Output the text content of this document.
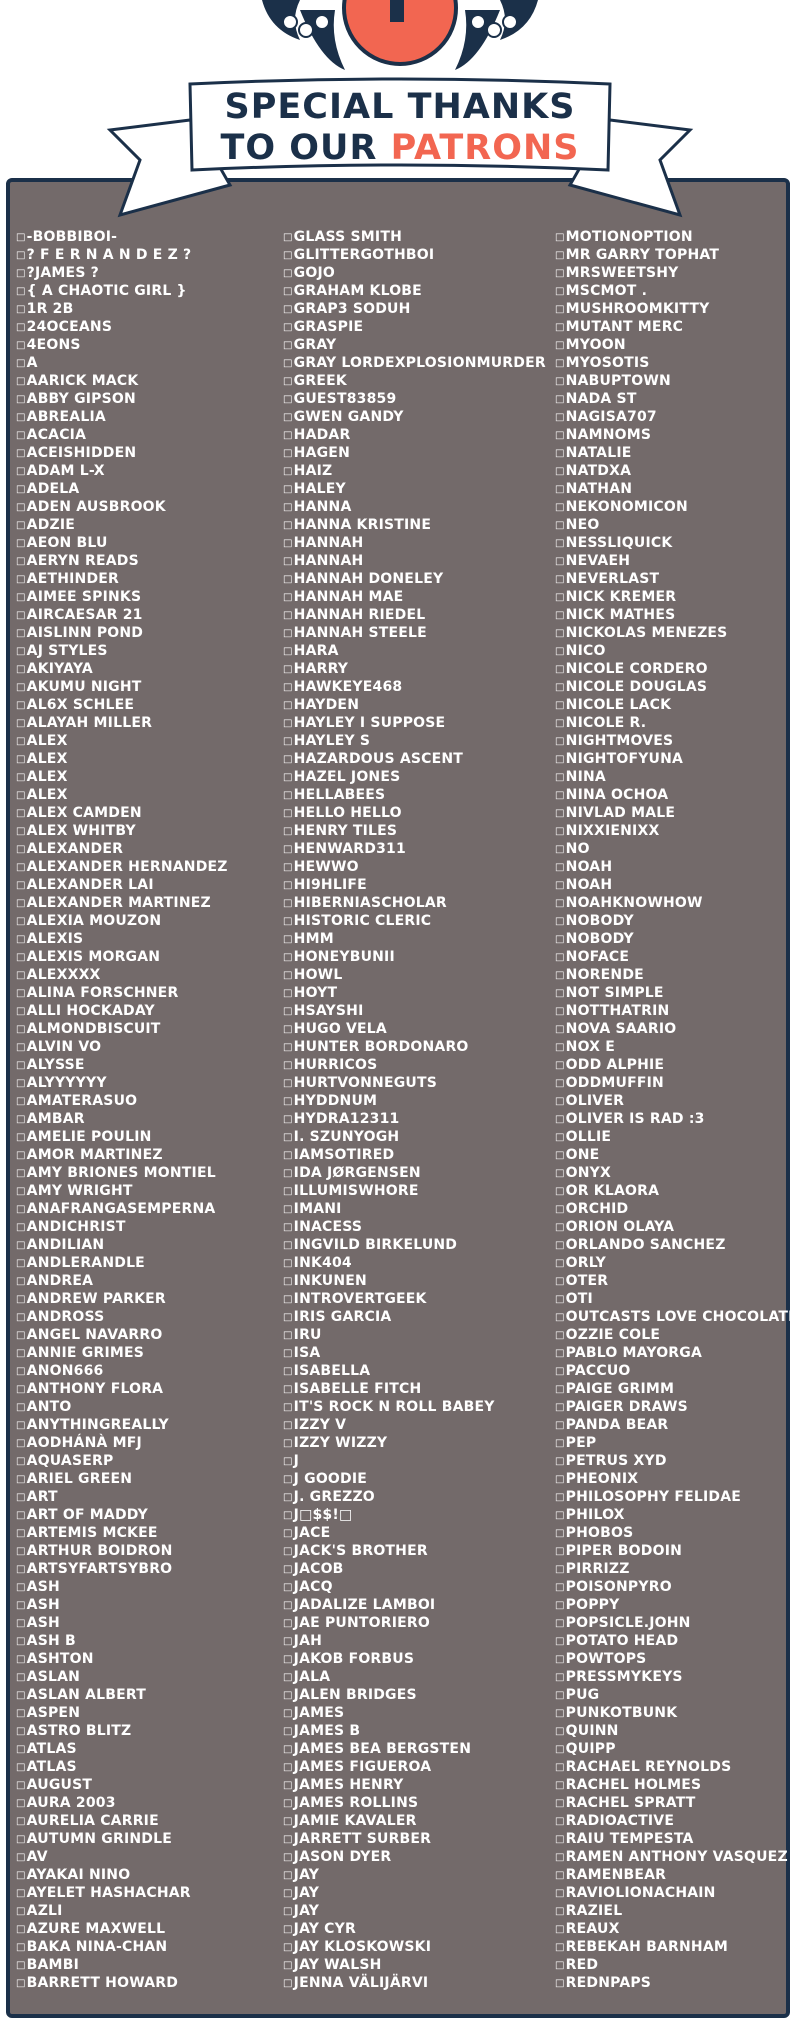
SPECIAL THANKS
TO OUR PATRONS
□ -BOBBIBOI-
□ ? F E R N A N D E Z ?
□ ?JAMES ?
□ { A CHAOTIC GIRL }
□ 1R 2B
□ 24OCEANS
□ 4EONS
□ A
□ AARICK MACK
□ ABBY GIPSON
□ ABREALIA
□ ACACIA
□ ACEISHIDDEN
□ ADAM L-X
□ ADELA
□ ADEN AUSBROOK
□ ADZIE
□ AEON BLU
□ AERYN READS
□ AETHINDER
□ AIMEE SPINKS
□ AIRCAESAR 21
□ AISLINN POND
□ AJ STYLES
□ AKIYAYA
□ AKUMU NIGHT
□ AL6X SCHLEE
□ ALAYAH MILLER
□ ALEX
□ ALEX
□ ALEX
□ ALEX
□ ALEX CAMDEN
□ ALEX WHITBY
□ ALEXANDER
□ ALEXANDER HERNANDEZ
□ ALEXANDER LAI
□ ALEXANDER MARTINEZ
□ ALEXIA MOUZON
□ ALEXIS
□ ALEXIS MORGAN
□ ALEXXXX
□ ALINA FORSCHNER
□ ALLI HOCKADAY
□ ALMONDBISCUIT
□ ALVIN VO
□ ALYSSE
□ ALYYYYYY
□ AMATERASUO
□ AMBAR
□ AMELIE POULIN
□ AMOR MARTINEZ
□ AMY BRIONES MONTIEL
□ AMY WRIGHT
□ ANAFRANGASEMPERNA
□ ANDICHRIST
□ ANDILIAN
□ ANDLERANDLE
□ ANDREA
□ ANDREW PARKER
□ ANDROSS
□ ANGEL NAVARRO
□ ANNIE GRIMES
□ ANON666
□ ANTHONY FLORA
□ ANTO
□ ANYTHINGREALLY
□ AODHÁNÀ MFJ
□ AQUASERP
□ ARIEL GREEN
□ ART
□ ART OF MADDY
□ ARTEMIS MCKEE
□ ARTHUR BOIDRON
□ ARTSYFARTSYBRO
□ ASH
□ ASH
□ ASH
□ ASH B
□ ASHTON
□ ASLAN
□ ASLAN ALBERT
□ ASPEN
□ ASTRO BLITZ
□ ATLAS
□ ATLAS
□ AUGUST
□ AURA 2003
□ AURELIA CARRIE
□ AUTUMN GRINDLE
□ AV
□ AYAKAI NINO
□ AYELET HASHACHAR
□ AZLI
□ AZURE MAXWELL
□ BAKA NINA-CHAN
□ BAMBI
□ BARRETT HOWARD
□ GLASS SMITH
□ GLITTERGOTHBOI
□ GOJO
□ GRAHAM KLOBE
□ GRAP3 SODUH
□ GRASPIE
□ GRAY
□ GRAY LORDEXPLOSIONMURDER
□ GREEK
□ GUEST83859
□ GWEN GANDY
□ HADAR
□ HAGEN
□ HAIZ
□ HALEY
□ HANNA
□ HANNA KRISTINE
□ HANNAH
□ HANNAH
□ HANNAH DONELEY
□ HANNAH MAE
□ HANNAH RIEDEL
□ HANNAH STEELE
□ HARA
□ HARRY
□ HAWKEYE468
□ HAYDEN
□ HAYLEY I SUPPOSE
□ HAYLEY S
□ HAZARDOUS ASCENT
□ HAZEL JONES
□ HELLABEES
□ HELLO HELLO
□ HENRY TILES
□ HENWARD311
□ HEWWO
□ HI9HLIFE
□ HIBERNIASCHOLAR
□ HISTORIC CLERIC
□ HMM
□ HONEYBUNII
□ HOWL
□ HOYT
□ HSAYSHI
□ HUGO VELA
□ HUNTER BORDONARO
□ HURRICOS
□ HURTVONNEGUTS
□ HYDDNUM
□ HYDRA12311
□ I. SZUNYOGH
□ IAMSOTIRED
□ IDA JØRGENSEN
□ ILLUMISWHORE
□ IMANI
□ INACESS
□ INGVILD BIRKELUND
□ INK404
□ INKUNEN
□ INTROVERTGEEK
□ IRIS GARCIA
□ IRU
□ ISA
□ ISABELLA
□ ISABELLE FITCH
□ IT'S ROCK N ROLL BABEY
□ IZZY V
□ IZZY WIZZY
□ J
□ J GOODIE
□ J. GREZZO
□ J□$$!□
□ JACE
□ JACK'S BROTHER
□ JACOB
□ JACQ
□ JADALIZE LAMBOI
□ JAE PUNTORIERO
□ JAH
□ JAKOB FORBUS
□ JALA
□ JALEN BRIDGES
□ JAMES
□ JAMES B
□ JAMES BEA BERGSTEN
□ JAMES FIGUEROA
□ JAMES HENRY
□ JAMES ROLLINS
□ JAMIE KAVALER
□ JARRETT SURBER
□ JASON DYER
□ JAY
□ JAY
□ JAY
□ JAY CYR
□ JAY KLOSKOWSKI
□ JAY WALSH
□ JENNA VÄLIJÄRVI
□ MOTIONOPTION
□ MR GARRY TOPHAT
□ MRSWEETSHY
□ MSCMOT .
□ MUSHROOMKITTY
□ MUTANT MERC
□ MYOON
□ MYOSOTIS
□ NABUPTOWN
□ NADA ST
□ NAGISA707
□ NAMNOMS
□ NATALIE
□ NATDXA
□ NATHAN
□ NEKONOMICON
□ NEO
□ NESSLIQUICK
□ NEVAEH
□ NEVERLAST
□ NICK KREMER
□ NICK MATHES
□ NICKOLAS MENEZES
□ NICO
□ NICOLE CORDERO
□ NICOLE DOUGLAS
□ NICOLE LACK
□ NICOLE R.
□ NIGHTMOVES
□ NIGHTOFYUNA
□ NINA
□ NINA OCHOA
□ NIVLAD MALE
□ NIXXIENIXX
□ NO
□ NOAH
□ NOAH
□ NOAHKNOWHOW
□ NOBODY
□ NOBODY
□ NOFACE
□ NORENDE
□ NOT SIMPLE
□ NOTTHATRIN
□ NOVA SAARIO
□ NOX E
□ ODD ALPHIE
□ ODDMUFFIN
□ OLIVER
□ OLIVER IS RAD :3
□ OLLIE
□ ONE
□ ONYX
□ OR KLAORA
□ ORCHID
□ ORION OLAYA
□ ORLANDO SANCHEZ
□ ORLY
□ OTER
□ OTI
□ OUTCASTS LOVE CHOCOLATE
□ OZZIE COLE
□ PABLO MAYORGA
□ PACCUO
□ PAIGE GRIMM
□ PAIGER DRAWS
□ PANDA BEAR
□ PEP
□ PETRUS XYD
□ PHEONIX
□ PHILOSOPHY FELIDAE
□ PHILOX
□ PHOBOS
□ PIPER BODOIN
□ PIRRIZZ
□ POISONPYRO
□ POPPY
□ POPSICLE.JOHN
□ POTATO HEAD
□ POWTOPS
□ PRESSMYKEYS
□ PUG
□ PUNKOTBUNK
□ QUINN
□ QUIPP
□ RACHAEL REYNOLDS
□ RACHEL HOLMES
□ RACHEL SPRATT
□ RADIOACTIVE
□ RAIU TEMPESTA
□ RAMEN ANTHONY VASQUEZ
□ RAMENBEAR
□ RAVIOLIONACHAIN
□ RAZIEL
□ REAUX
□ REBEKAH BARNHAM
□ RED
□ REDNPAPS
